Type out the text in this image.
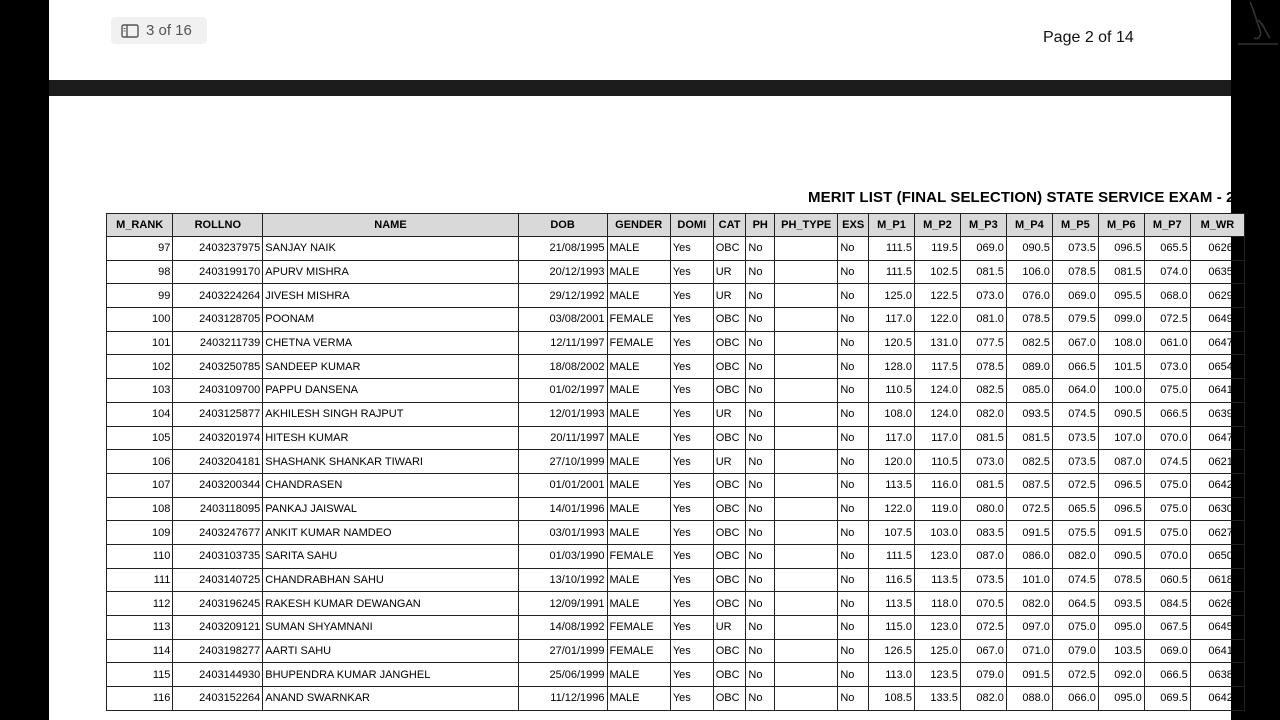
3 of 16	Page 2 of 14
MERIT LIST (FINAL SELECTION) STATE SERVICE EXAM - 20
M_RANK	ROLLNO	NAME	DOB	GENDER	DOMI	CAT	PH	PH_TYPE	EXS	M_P1	M_P2	M_P3	M_P4	M_P5	M_P6	M_P7	M_WR
97	2403237975	SANJAY NAIK	21/08/1995	MALE	Yes	OBC	No		No	111.5	119.5	069.0	090.5	073.5	096.5	065.5	0626.0
98	2403199170	APURV MISHRA	20/12/1993	MALE	Yes	UR	No		No	111.5	102.5	081.5	106.0	078.5	081.5	074.0	0635.5
99	2403224264	JIVESH MISHRA	29/12/1992	MALE	Yes	UR	No		No	125.0	122.5	073.0	076.0	069.0	095.5	068.0	0629.0
100	2403128705	POONAM	03/08/2001	FEMALE	Yes	OBC	No		No	117.0	122.0	081.0	078.5	079.5	099.0	072.5	0649.5
101	2403211739	CHETNA VERMA	12/11/1997	FEMALE	Yes	OBC	No		No	120.5	131.0	077.5	082.5	067.0	108.0	061.0	0647.5
102	2403250785	SANDEEP KUMAR	18/08/2002	MALE	Yes	OBC	No		No	128.0	117.5	078.5	089.0	066.5	101.5	073.0	0654.0
103	2403109700	PAPPU DANSENA	01/02/1997	MALE	Yes	OBC	No		No	110.5	124.0	082.5	085.0	064.0	100.0	075.0	0641.0
104	2403125877	AKHILESH SINGH RAJPUT	12/01/1993	MALE	Yes	UR	No		No	108.0	124.0	082.0	093.5	074.5	090.5	066.5	0639.0
105	2403201974	HITESH KUMAR	20/11/1997	MALE	Yes	OBC	No		No	117.0	117.0	081.5	081.5	073.5	107.0	070.0	0647.5
106	2403204181	SHASHANK SHANKAR TIWARI	27/10/1999	MALE	Yes	UR	No		No	120.0	110.5	073.0	082.5	073.5	087.0	074.5	0621.0
107	2403200344	CHANDRASEN	01/01/2001	MALE	Yes	OBC	No		No	113.5	116.0	081.5	087.5	072.5	096.5	075.0	0642.5
108	2403118095	PANKAJ JAISWAL	14/01/1996	MALE	Yes	OBC	No		No	122.0	119.0	080.0	072.5	065.5	096.5	075.0	0630.5
109	2403247677	ANKIT KUMAR NAMDEO	03/01/1993	MALE	Yes	OBC	No		No	107.5	103.0	083.5	091.5	075.5	091.5	075.0	0627.5
110	2403103735	SARITA SAHU	01/03/1990	FEMALE	Yes	OBC	No		No	111.5	123.0	087.0	086.0	082.0	090.5	070.0	0650.0
111	2403140725	CHANDRABHAN SAHU	13/10/1992	MALE	Yes	OBC	No		No	116.5	113.5	073.5	101.0	074.5	078.5	060.5	0618.0
112	2403196245	RAKESH KUMAR DEWANGAN	12/09/1991	MALE	Yes	OBC	No		No	113.5	118.0	070.5	082.0	064.5	093.5	084.5	0626.5
113	2403209121	SUMAN SHYAMNANI	14/08/1992	FEMALE	Yes	UR	No		No	115.0	123.0	072.5	097.0	075.0	095.0	067.5	0645.0
114	2403198277	AARTI SAHU	27/01/1999	FEMALE	Yes	OBC	No		No	126.5	125.0	067.0	071.0	079.0	103.5	069.0	0641.0
115	2403144930	BHUPENDRA KUMAR JANGHEL	25/06/1999	MALE	Yes	OBC	No		No	113.0	123.5	079.0	091.5	072.5	092.0	066.5	0638.0
116	2403152264	ANAND SWARNKAR	11/12/1996	MALE	Yes	OBC	No		No	108.5	133.5	082.0	088.0	066.0	095.0	069.5	0642.5
